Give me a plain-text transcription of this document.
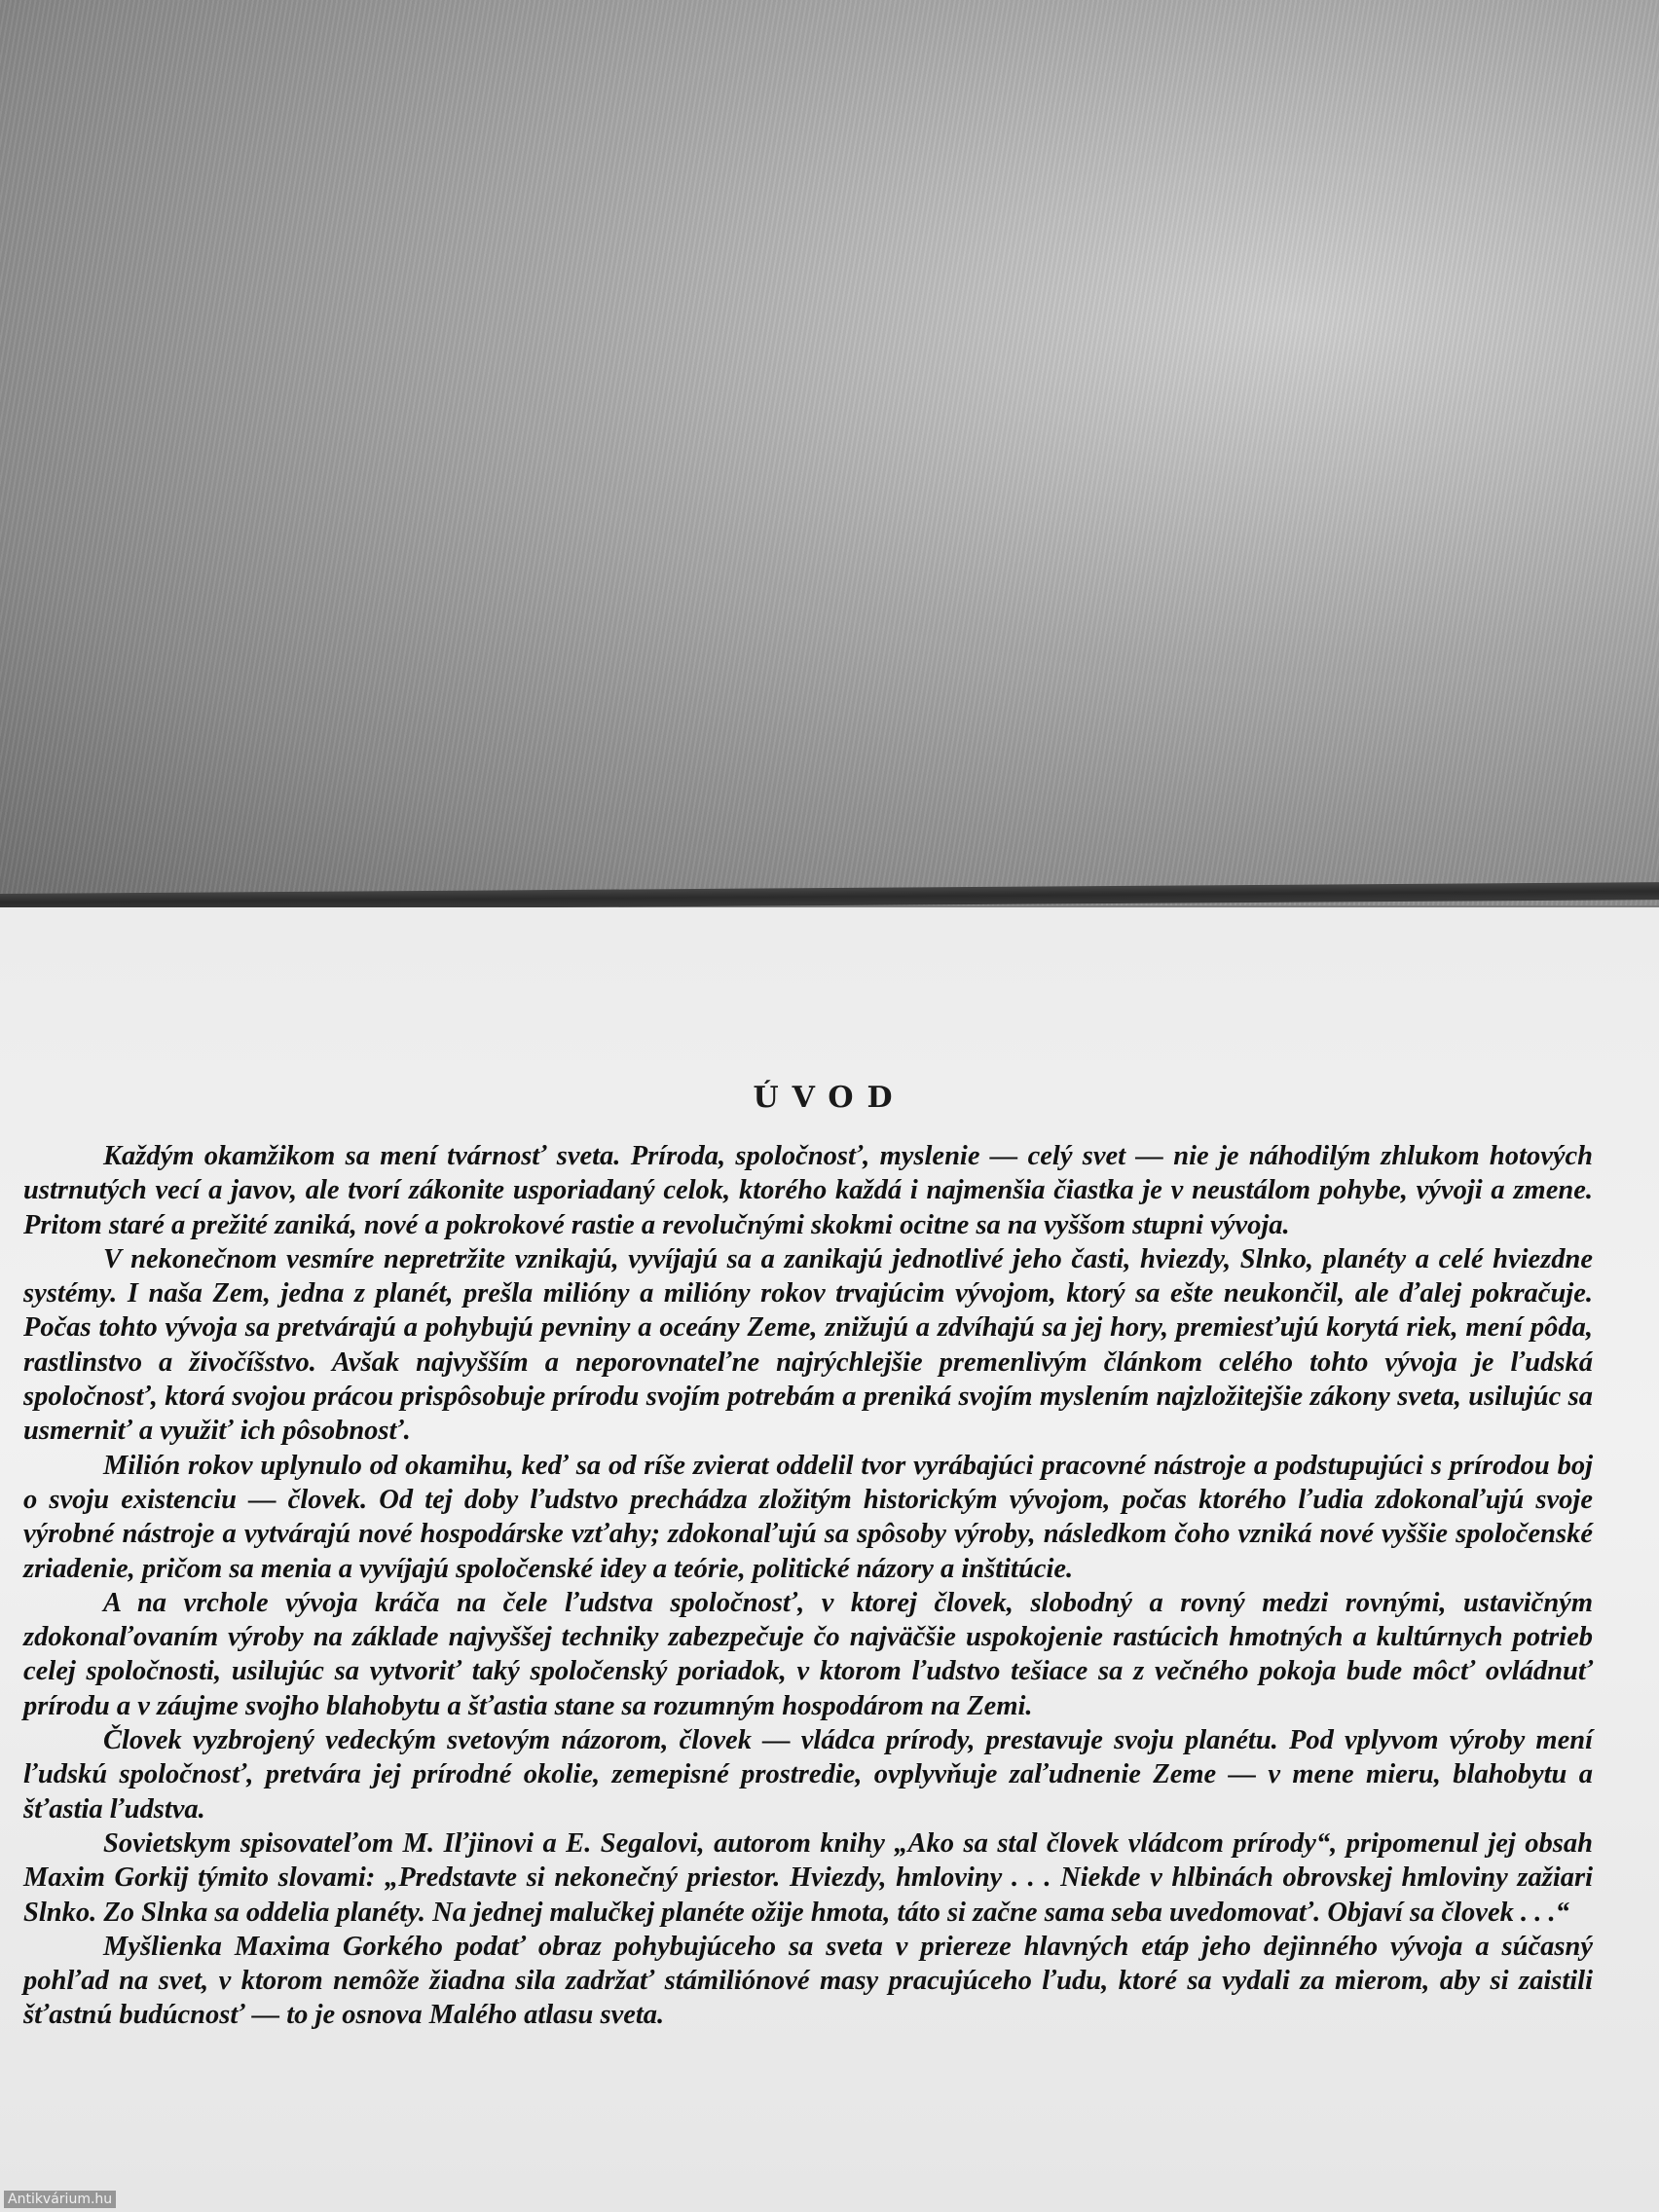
ÚVOD

Každým okamžikom sa mení tvárnosť sveta. Príroda, spoločnosť, myslenie — celý svet — nie je náhodilým zhlukom hotových ustrnutých vecí a javov, ale tvorí zákonite usporiadaný celok, ktorého každá i najmenšia čiastka je v neustálom pohybe, vývoji a zmene. Pritom staré a prežité zaniká, nové a pokrokové rastie a revolučnými skokmi ocitne sa na vyššom stupni vývoja.

V nekonečnom vesmíre nepretržite vznikajú, vyvíjajú sa a zanikajú jednotlivé jeho časti, hviezdy, Slnko, planéty a celé hviezdne systémy. I naša Zem, jedna z planét, prešla milióny a milióny rokov trvajúcim vývojom, ktorý sa ešte neukončil, ale ďalej pokračuje. Počas tohto vývoja sa pretvárajú a pohybujú pevniny a oceány Zeme, znižujú a zdvíhajú sa jej hory, premiesťujú korytá riek, mení pôda, rastlinstvo a živočíšstvo. Avšak najvyšším a neporovnateľne najrýchlejšie premenlivým článkom celého tohto vývoja je ľudská spoločnosť, ktorá svojou prácou prispôsobuje prírodu svojím potrebám a preniká svojím myslením najzložitejšie zákony sveta, usilujúc sa usmerniť a využiť ich pôsobnosť.

Milión rokov uplynulo od okamihu, keď sa od ríše zvierat oddelil tvor vyrábajúci pracovné nástroje a podstupujúci s prírodou boj o svoju existenciu — človek. Od tej doby ľudstvo prechádza zložitým historickým vývojom, počas ktorého ľudia zdokonaľujú svoje výrobné nástroje a vytvárajú nové hospodárske vzťahy; zdokonaľujú sa spôsoby výroby, následkom čoho vzniká nové vyššie spoločenské zriadenie, pričom sa menia a vyvíjajú spoločenské idey a teórie, politické názory a inštitúcie.

A na vrchole vývoja kráča na čele ľudstva spoločnosť, v ktorej človek, slobodný a rovný medzi rovnými, ustavičným zdokonaľovaním výroby na základe najvyššej techniky zabezpečuje čo najväčšie uspokojenie rastúcich hmotných a kultúrnych potrieb celej spoločnosti, usilujúc sa vytvoriť taký spoločenský poriadok, v ktorom ľudstvo tešiace sa z večného pokoja bude môcť ovládnuť prírodu a v záujme svojho blahobytu a šťastia stane sa rozumným hospodárom na Zemi.

Človek vyzbrojený vedeckým svetovým názorom, človek — vládca prírody, prestavuje svoju planétu. Pod vplyvom výroby mení ľudskú spoločnosť, pretvára jej prírodné okolie, zemepisné prostredie, ovplyvňuje zaľudnenie Zeme — v mene mieru, blahobytu a šťastia ľudstva.

Sovietskym spisovateľom M. Iľjinovi a E. Segalovi, autorom knihy „Ako sa stal človek vládcom prírody“, pripomenul jej obsah Maxim Gorkij týmito slovami: „Predstavte si nekonečný priestor. Hviezdy, hmloviny . . . Niekde v hlbinách obrovskej hmloviny zažiari Slnko. Zo Slnka sa oddelia planéty. Na jednej malučkej planéte ožije hmota, táto si začne sama seba uvedomovať. Objaví sa človek . . .“

Myšlienka Maxima Gorkého podať obraz pohybujúceho sa sveta v priereze hlavných etáp jeho dejinného vývoja a súčasný pohľad na svet, v ktorom nemôže žiadna sila zadržať stámiliónové masy pracujúceho ľudu, ktoré sa vydali za mierom, aby si zaistili šťastnú budúcnosť — to je osnova Malého atlasu sveta.

Antikvárium.hu
